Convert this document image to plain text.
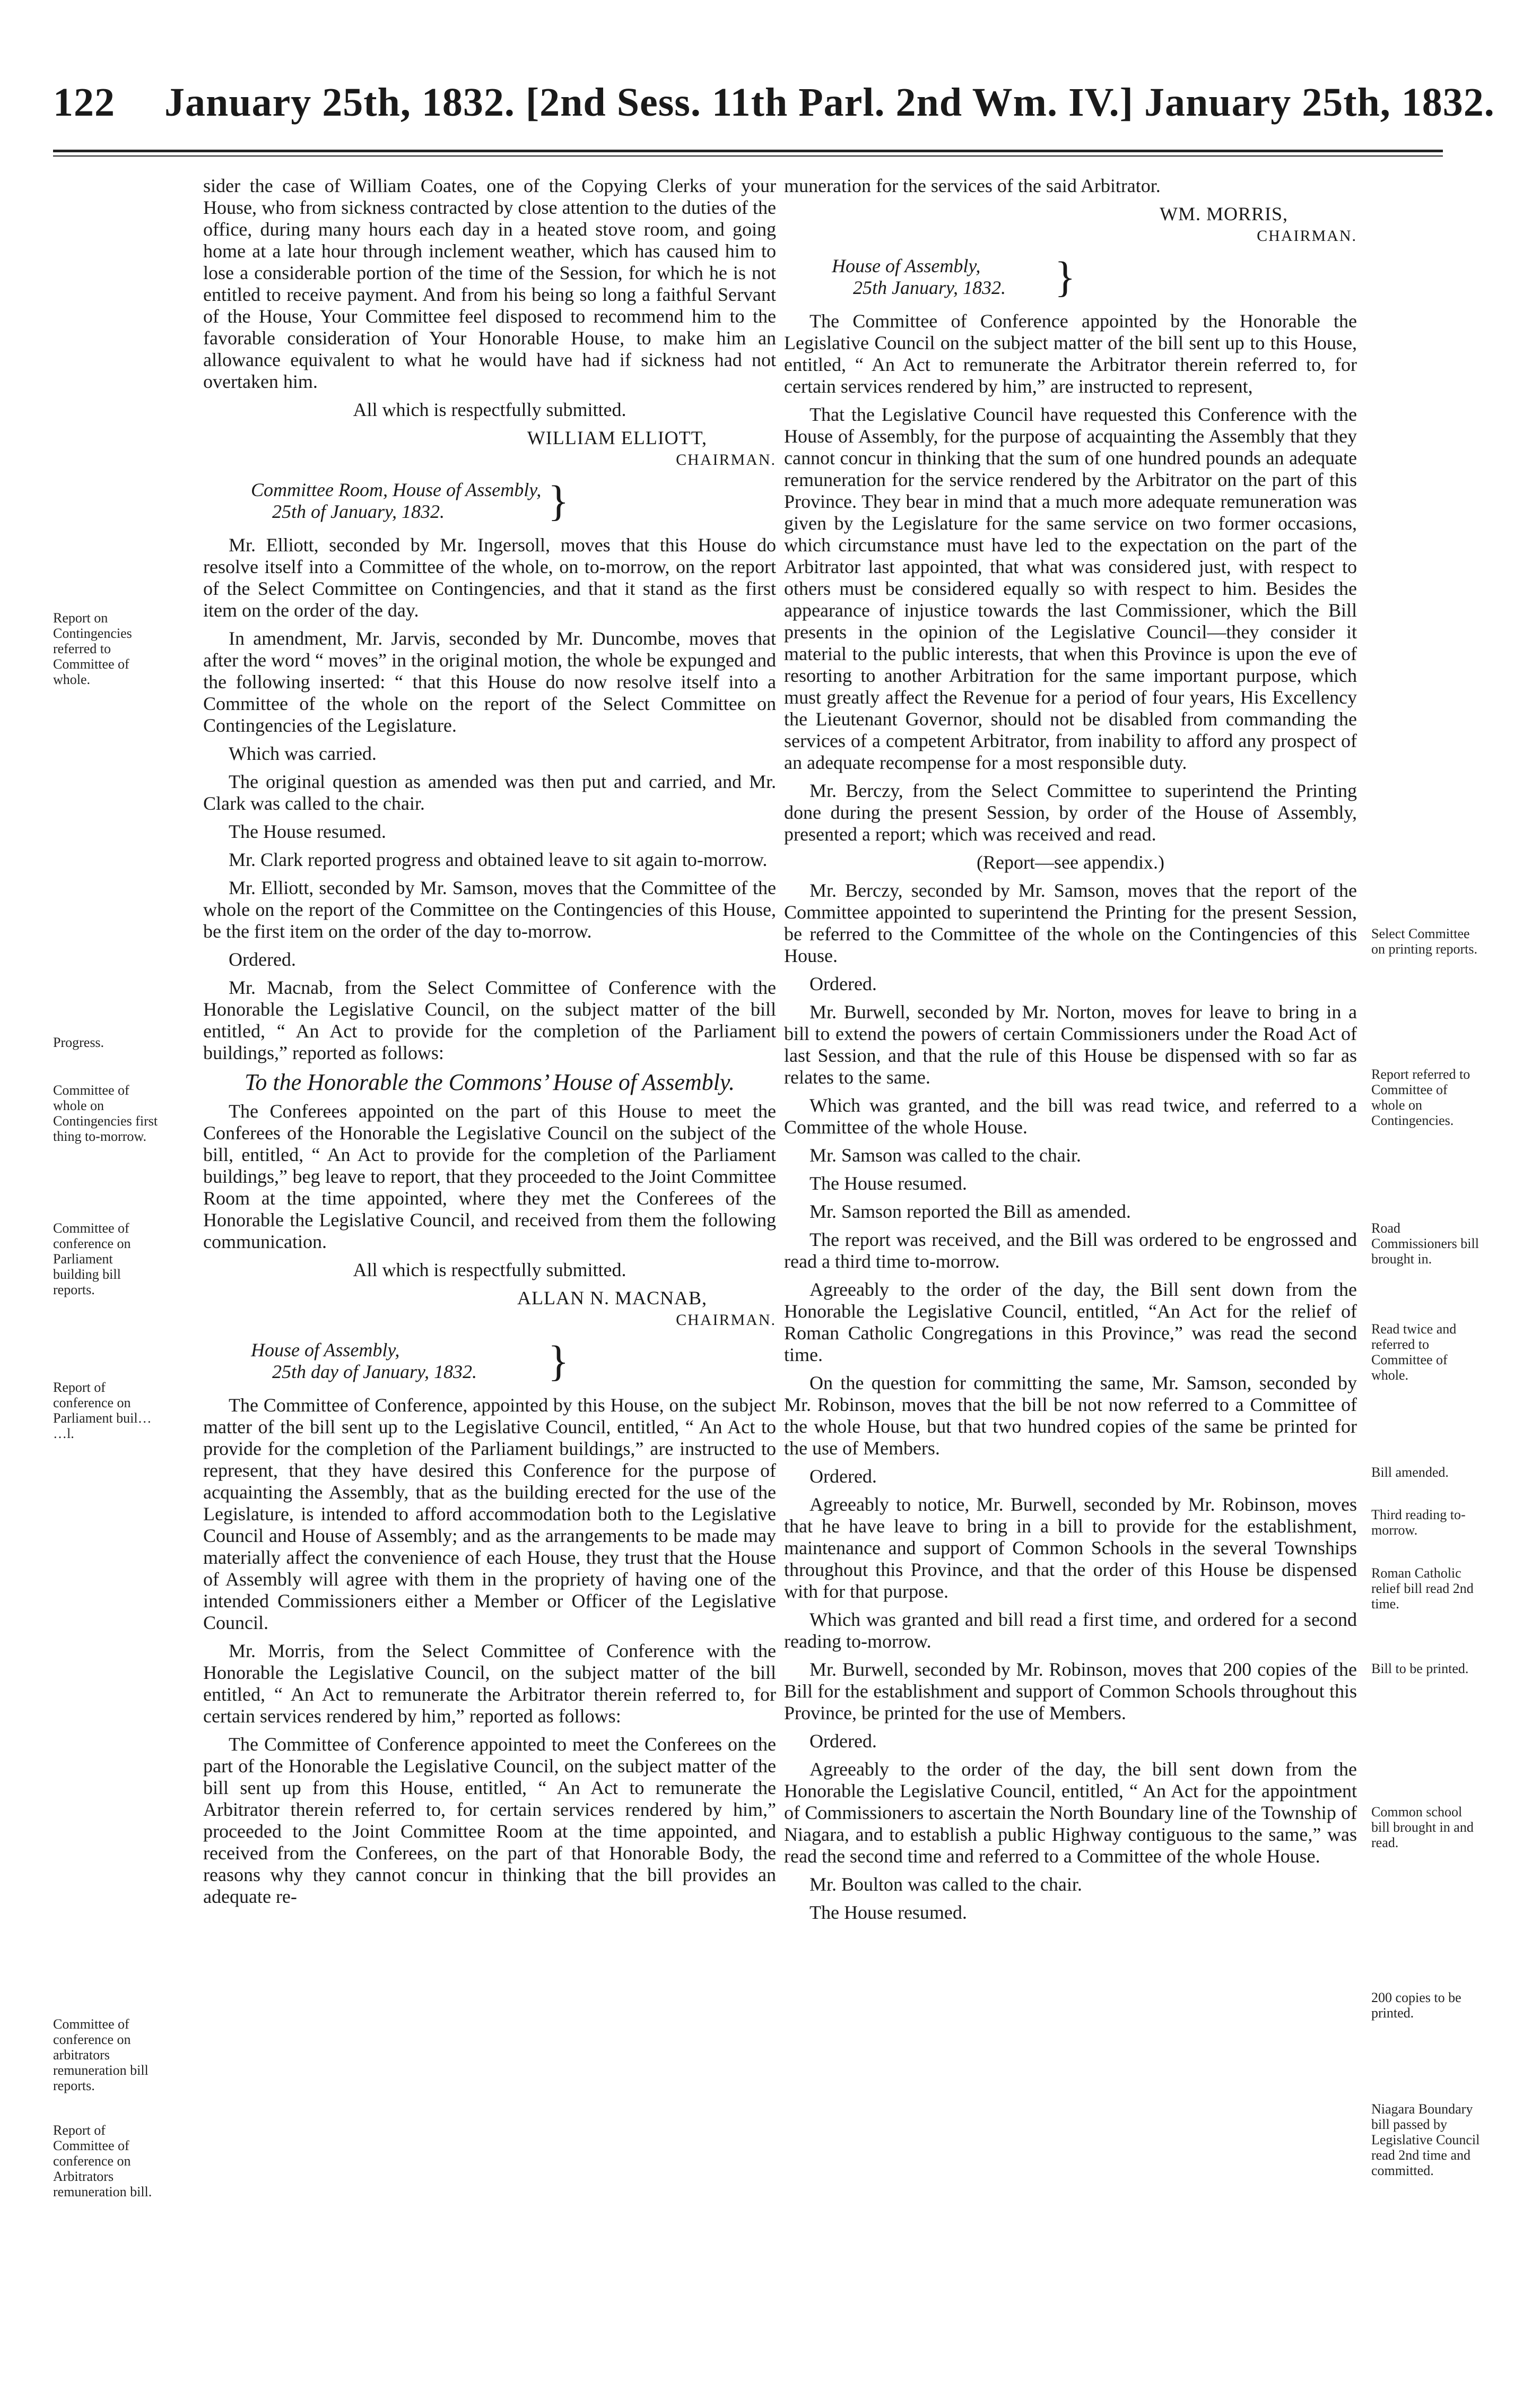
122 January 25th, 1832. [2nd Sess. 11th Parl. 2nd Wm. IV.] January 25th, 1832.

sider the case of William Coates, one of the Copying Clerks of your House, who from sickness contracted by close attention to the duties of the office, during many hours each day in a heated stove room, and going home at a late hour through inclement weather, which has caused him to lose a considerable portion of the time of the Session, for which he is not entitled to receive payment. And from his being so long a faithful Servant of the House, Your Committee feel disposed to recommend him to the favorable consideration of Your Honorable House, to make him an allowance equivalent to what he would have had if sickness had not overtaken him.

All which is respectfully submitted.

WILLIAM ELLIOTT,

CHAIRMAN.

Committee Room, House of Assembly,
25th of January, 1832.	}

Mr. Elliott, seconded by Mr. Ingersoll, moves that this House do resolve itself into a Committee of the whole, on to-morrow, on the report of the Select Committee on Contingencies, and that it stand as the first item on the order of the day.

In amendment, Mr. Jarvis, seconded by Mr. Duncombe, moves that after the word “ moves” in the original motion, the whole be expunged and the following inserted: “ that this House do now resolve itself into a Committee of the whole on the report of the Select Committee on Contingencies of the Legislature.

Which was carried.

The original question as amended was then put and carried, and Mr. Clark was called to the chair.

The House resumed.

Mr. Clark reported progress and obtained leave to sit again to-morrow.

Mr. Elliott, seconded by Mr. Samson, moves that the Committee of the whole on the report of the Committee on the Contingencies of this House, be the first item on the order of the day to-morrow.

Ordered.

Mr. Macnab, from the Select Committee of Conference with the Honorable the Legislative Council, on the subject matter of the bill entitled, “ An Act to provide for the completion of the Parliament buildings,” reported as follows:

To the Honorable the Commons’ House of Assembly.

The Conferees appointed on the part of this House to meet the Conferees of the Honorable the Legislative Council on the subject of the bill, entitled, “ An Act to provide for the completion of the Parliament buildings,” beg leave to report, that they proceeded to the Joint Committee Room at the time appointed, where they met the Conferees of the Honorable the Legislative Council, and received from them the following communication.

All which is respectfully submitted.

ALLAN N. MACNAB,

CHAIRMAN.

House of Assembly,
25th day of January, 1832.	}

The Committee of Conference, appointed by this House, on the subject matter of the bill sent up to the Legislative Council, entitled, “ An Act to provide for the completion of the Parliament buildings,” are instructed to represent, that they have desired this Conference for the purpose of acquainting the Assembly, that as the building erected for the use of the Legislature, is intended to afford accommodation both to the Legislative Council and House of Assembly; and as the arrangements to be made may materially affect the convenience of each House, they trust that the House of Assembly will agree with them in the propriety of having one of the intended Commissioners either a Member or Officer of the Legislative Council.

Mr. Morris, from the Select Committee of Conference with the Honorable the Legislative Council, on the subject matter of the bill entitled, “ An Act to remunerate the Arbitrator therein referred to, for certain services rendered by him,” reported as follows:

The Committee of Conference appointed to meet the Conferees on the part of the Honorable the Legislative Council, on the subject matter of the bill sent up from this House, entitled, “ An Act to remunerate the Arbitrator therein referred to, for certain services rendered by him,” proceeded to the Joint Committee Room at the time appointed, and received from the Conferees, on the part of that Honorable Body, the reasons why they cannot concur in thinking that the bill provides an adequate re-

muneration for the services of the said Arbitrator.

WM. MORRIS,

CHAIRMAN.

House of Assembly,
25th January, 1832.	}

The Committee of Conference appointed by the Honorable the Legislative Council on the subject matter of the bill sent up to this House, entitled, “ An Act to remunerate the Arbitrator therein referred to, for certain services rendered by him,” are instructed to represent,

That the Legislative Council have requested this Conference with the House of Assembly, for the purpose of acquainting the Assembly that they cannot concur in thinking that the sum of one hundred pounds an adequate remuneration for the service rendered by the Arbitrator on the part of this Province. They bear in mind that a much more adequate remuneration was given by the Legislature for the same service on two former occasions, which circumstance must have led to the expectation on the part of the Arbitrator last appointed, that what was considered just, with respect to others must be considered equally so with respect to him. Besides the appearance of injustice towards the last Commissioner, which the Bill presents in the opinion of the Legislative Council—they consider it material to the public interests, that when this Province is upon the eve of resorting to another Arbitration for the same important purpose, which must greatly affect the Revenue for a period of four years, His Excellency the Lieutenant Governor, should not be disabled from commanding the services of a competent Arbitrator, from inability to afford any prospect of an adequate recompense for a most responsible duty.

Mr. Berczy, from the Select Committee to superintend the Printing done during the present Session, by order of the House of Assembly, presented a report; which was received and read.

(Report—see appendix.)

Mr. Berczy, seconded by Mr. Samson, moves that the report of the Committee appointed to superintend the Printing for the present Session, be referred to the Committee of the whole on the Contingencies of this House.

Ordered.

Mr. Burwell, seconded by Mr. Norton, moves for leave to bring in a bill to extend the powers of certain Commissioners under the Road Act of last Session, and that the rule of this House be dispensed with so far as relates to the same.

Which was granted, and the bill was read twice, and referred to a Committee of the whole House.

Mr. Samson was called to the chair.

The House resumed.

Mr. Samson reported the Bill as amended.

The report was received, and the Bill was ordered to be engrossed and read a third time to-morrow.

Agreeably to the order of the day, the Bill sent down from the Honorable the Legislative Council, entitled, “An Act for the relief of Roman Catholic Congregations in this Province,” was read the second time.

On the question for committing the same, Mr. Samson, seconded by Mr. Robinson, moves that the bill be not now referred to a Committee of the whole House, but that two hundred copies of the same be printed for the use of Members.

Ordered.

Agreeably to notice, Mr. Burwell, seconded by Mr. Robinson, moves that he have leave to bring in a bill to provide for the establishment, maintenance and support of Common Schools in the several Townships throughout this Province, and that the order of this House be dispensed with for that purpose.

Which was granted and bill read a first time, and ordered for a second reading to-morrow.

Mr. Burwell, seconded by Mr. Robinson, moves that 200 copies of the Bill for the establishment and support of Common Schools throughout this Province, be printed for the use of Members.

Ordered.

Agreeably to the order of the day, the bill sent down from the Honorable the Legislative Council, entitled, “ An Act for the appointment of Commissioners to ascertain the North Boundary line of the Township of Niagara, and to establish a public Highway contiguous to the same,” was read the second time and referred to a Committee of the whole House.

Mr. Boulton was called to the chair.

The House resumed.

Report on Contingencies referred to Committee of whole.
Progress.
Committee of whole on Contingencies first thing to-morrow.
Committee of conference on Parliament building bill reports.
Report of conference on Parliament buil… …l.
Committee of conference on arbitrators remuneration bill reports.
Report of Committee of conference on Arbitrators remuneration bill.
Select Committee on printing reports.
Report referred to Committee of whole on Contingencies.
Road Commissioners bill brought in.
Read twice and referred to Committee of whole.
Bill amended.
Third reading to-morrow.
Roman Catholic relief bill read 2nd time.
Bill to be printed.
Common school bill brought in and read.
200 copies to be printed.
Niagara Boundary bill passed by Legislative Council read 2nd time and committed.
